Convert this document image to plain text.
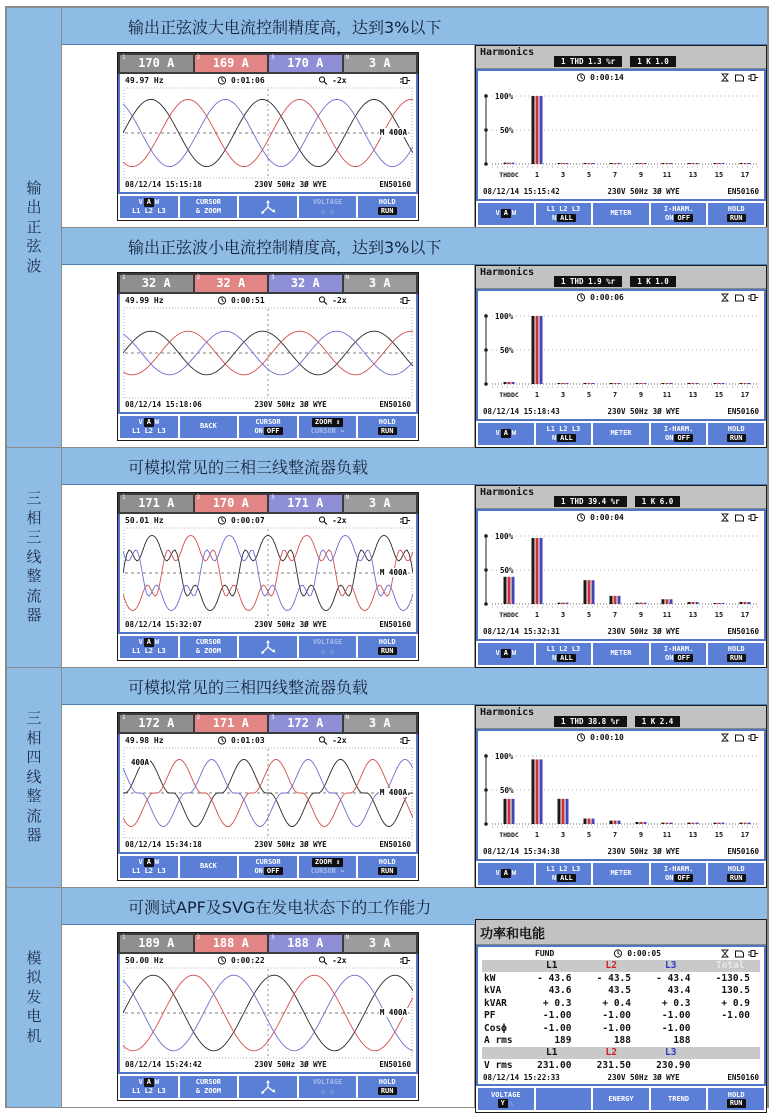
输
出
正
弦
波
输出正弦波大电流控制精度高，达到3%以下
1 170 A	2 169 A	3 170 A	N 3 A
49.97 Hz	0:01:06	-2x
M 400A
08/12/14 15:15:18	230V 50Hz 3Ø WYE	EN50160
V A W
L1 L2 L3
CURSOR
& ZOOM
VOLTAGE
△ △
HOLD
RUN
Harmonics
1 THD 1.3 %r	1 K 1.0
0:00:14
100%
50%
THDDC 1	3	5	7	9	11	13	15	17
08/12/14 15:15:42	230V 50Hz 3Ø WYE	EN50160
V A W
L1 L2 L3
N ALL
METER
I-HARM.
ON OFF
HOLD
RUN
输出正弦波小电流控制精度高，达到3%以下
1 32 A	2 32 A	3 32 A	N 3 A
49.99 Hz	0:00:51	-2x
08/12/14 15:18:06	230V 50Hz 3Ø WYE	EN50160
V A W
L1 L2 L3
BACK
CURSOR
ON OFF
ZOOM ↕
CURSOR ↔
HOLD
RUN
Harmonics
1 THD 1.9 %r	1 K 1.0
0:00:06
100%
50%
THDDC 1	3	5	7	9	11	13	15	17
08/12/14 15:18:43	230V 50Hz 3Ø WYE	EN50160
V A W
L1 L2 L3
N ALL
METER
I-HARM.
ON OFF
HOLD
RUN
三
相
三
线
整
流
器
可模拟常见的三相三线整流器负载
1 171 A	2 170 A	3 171 A	N 3 A
50.01 Hz	0:00:07	-2x
M 400A
08/12/14 15:32:07	230V 50Hz 3Ø WYE	EN50160
V A W
L1 L2 L3
CURSOR
& ZOOM
VOLTAGE
△ △
HOLD
RUN
Harmonics
1 THD 39.4 %r	1 K 6.0
0:00:04
100%
50%
THDDC 1	3	5	7	9	11	13	15	17
08/12/14 15:32:31	230V 50Hz 3Ø WYE	EN50160
V A W
L1 L2 L3
N ALL
METER
I-HARM.
ON OFF
HOLD
RUN
三
相
四
线
整
流
器
可模拟常见的三相四线整流器负载
1 172 A	2 171 A	3 172 A	N 3 A
49.98 Hz	0:01:03	-2x
M 400A
400A
08/12/14 15:34:18	230V 50Hz 3Ø WYE	EN50160
V A W
L1 L2 L3
BACK
CURSOR
ON OFF
ZOOM ↕
CURSOR ↔
HOLD
RUN
Harmonics
1 THD 38.8 %r	1 K 2.4
0:00:10
100%
50%
THDDC 1	3	5	7	9	11	13	15	17
08/12/14 15:34:38	230V 50Hz 3Ø WYE	EN50160
V A W
L1 L2 L3
N ALL
METER
I-HARM.
ON OFF
HOLD
RUN
模
拟
发
电
机
可测试APF及SVG在发电状态下的工作能力
1 189 A	2 188 A	3 188 A	N 3 A
50.00 Hz	0:00:22	-2x
M 400A
08/12/14 15:24:42	230V 50Hz 3Ø WYE	EN50160
V A W
L1 L2 L3
CURSOR
& ZOOM
VOLTAGE
△ △
HOLD
RUN
功率和电能
FUND	0:00:05
L1	L2	L3	Total
kW	- 43.6	- 43.5	- 43.4	-130.5
kVA	43.6	43.5	43.4	130.5
kVAR	+ 0.3	+ 0.4	+ 0.3	+ 0.9
PF	-1.00	-1.00	-1.00	-1.00
Cosϕ	-1.00	-1.00	-1.00
A rms	189	188	188
L1	L2	L3
V rms	231.00	231.50	230.90
08/12/14 15:22:33	230V 50Hz 3Ø WYE	EN50160
VOLTAGE
Y △
ENERGY	TREND
HOLD
RUN
